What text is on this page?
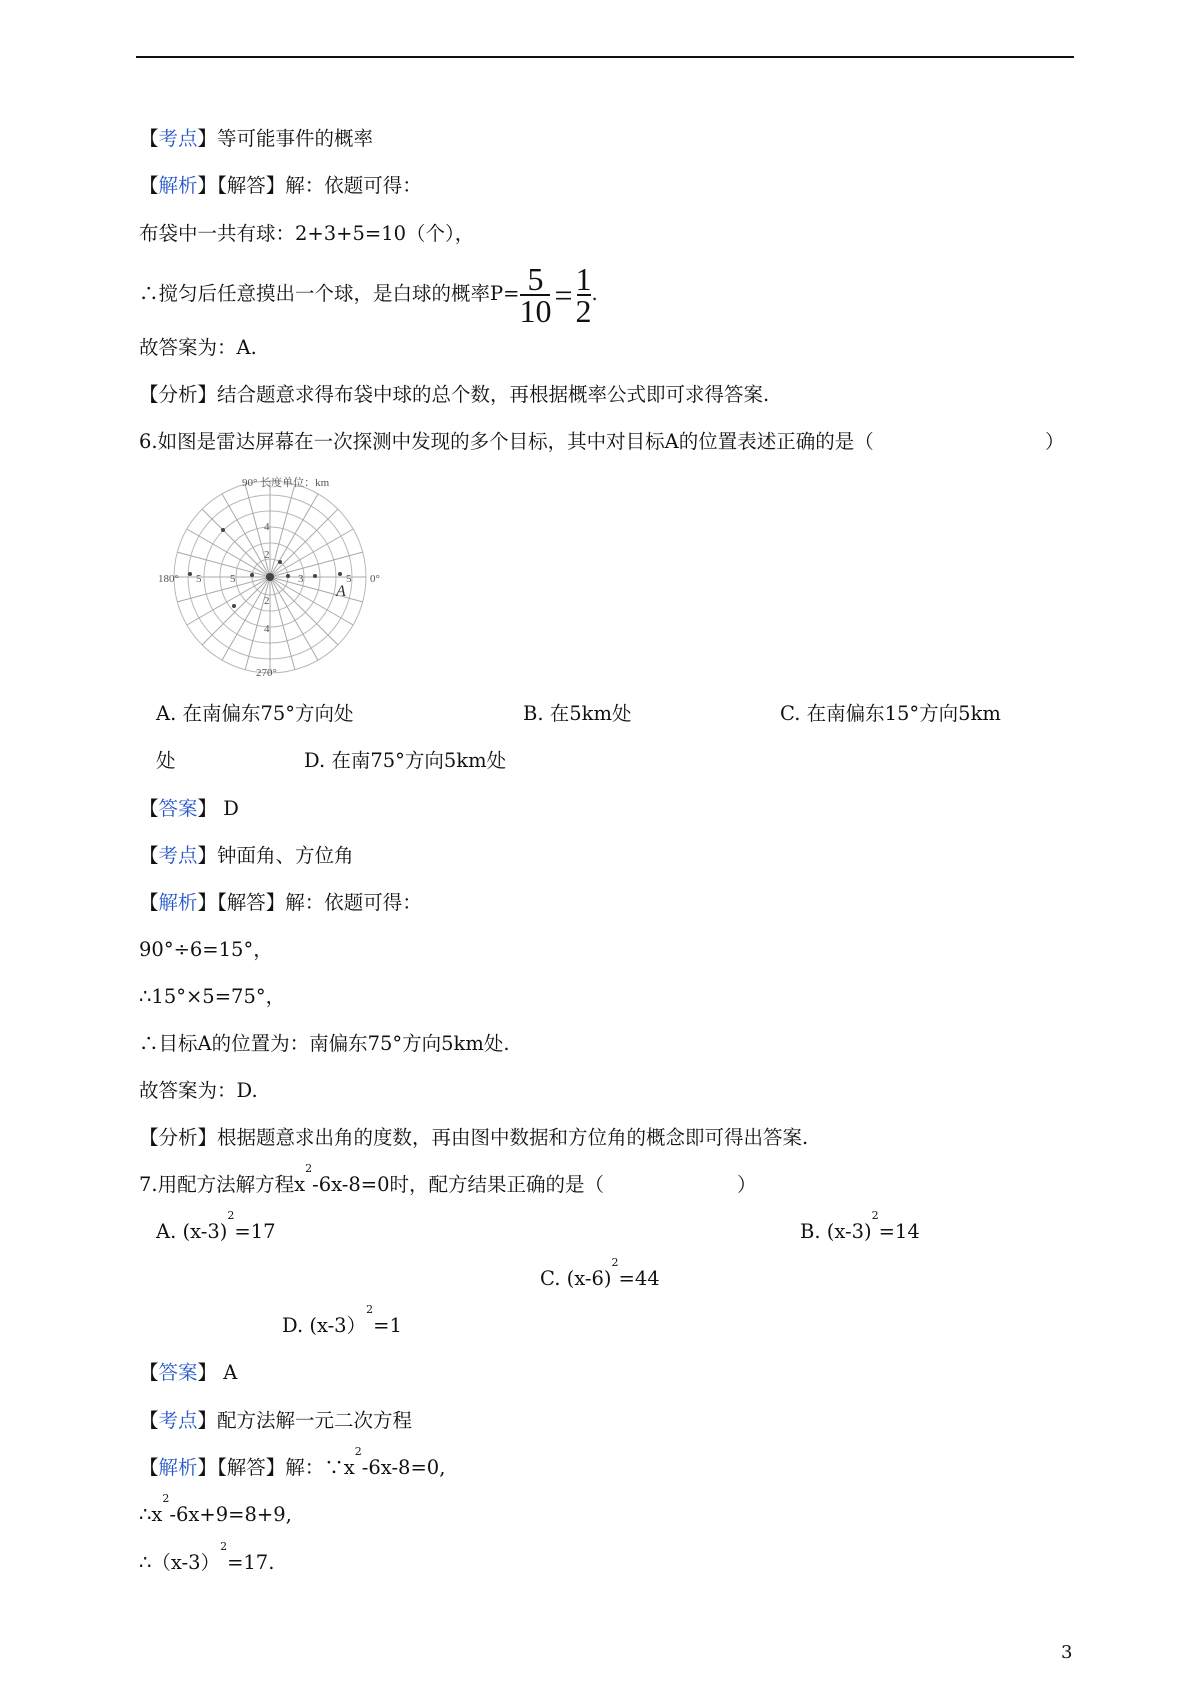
【考点】等可能事件的概率
【解析】【解答】解：依题可得：
布袋中一共有球：2+3+5=10（个），
∴搅匀后任意摸出一个球，是白球的概率$P= \frac{5}{10} = \frac{1}{2}$ .
故答案为：A.
【分析】结合题意求得布袋中球的总个数，再根据概率公式即可求得答案.
6.如图是雷达屏幕在一次探测中发现的多个目标，其中对目标A的位置表述正确的是（	）
90° 长度单位：km
180°	0°
270°
5	5	3	5
2
4
2
4
A
A. 在南偏东75°方向处	B. 在5km处	C. 在南偏东15°方向5km
处	D. 在南75°方向5km处
【答案】 D
【考点】钟面角、方位角
【解析】【解答】解：依题可得：
90°÷6=15°，
∴15°×5=75°，
∴目标A的位置为：南偏东75°方向5km处.
故答案为：D.
【分析】根据题意求出角的度数，再由图中数据和方位角的概念即可得出答案.
7.用配方法解方程$x^2-6x-8=0$时，配方结果正确的是（	）
A. $(x-3)^2=17$	B. $(x-3)^2=14$
C. $(x-6)^2=44$
D. (x-3）$^2$=1
【答案】 A
【考点】配方法解一元二次方程
【解析】【解答】解：$\because x^2-6x-8=0$,
$\therefore x^2-6x+9=8+9$,
$\therefore(x-3)^2=17$.
3
